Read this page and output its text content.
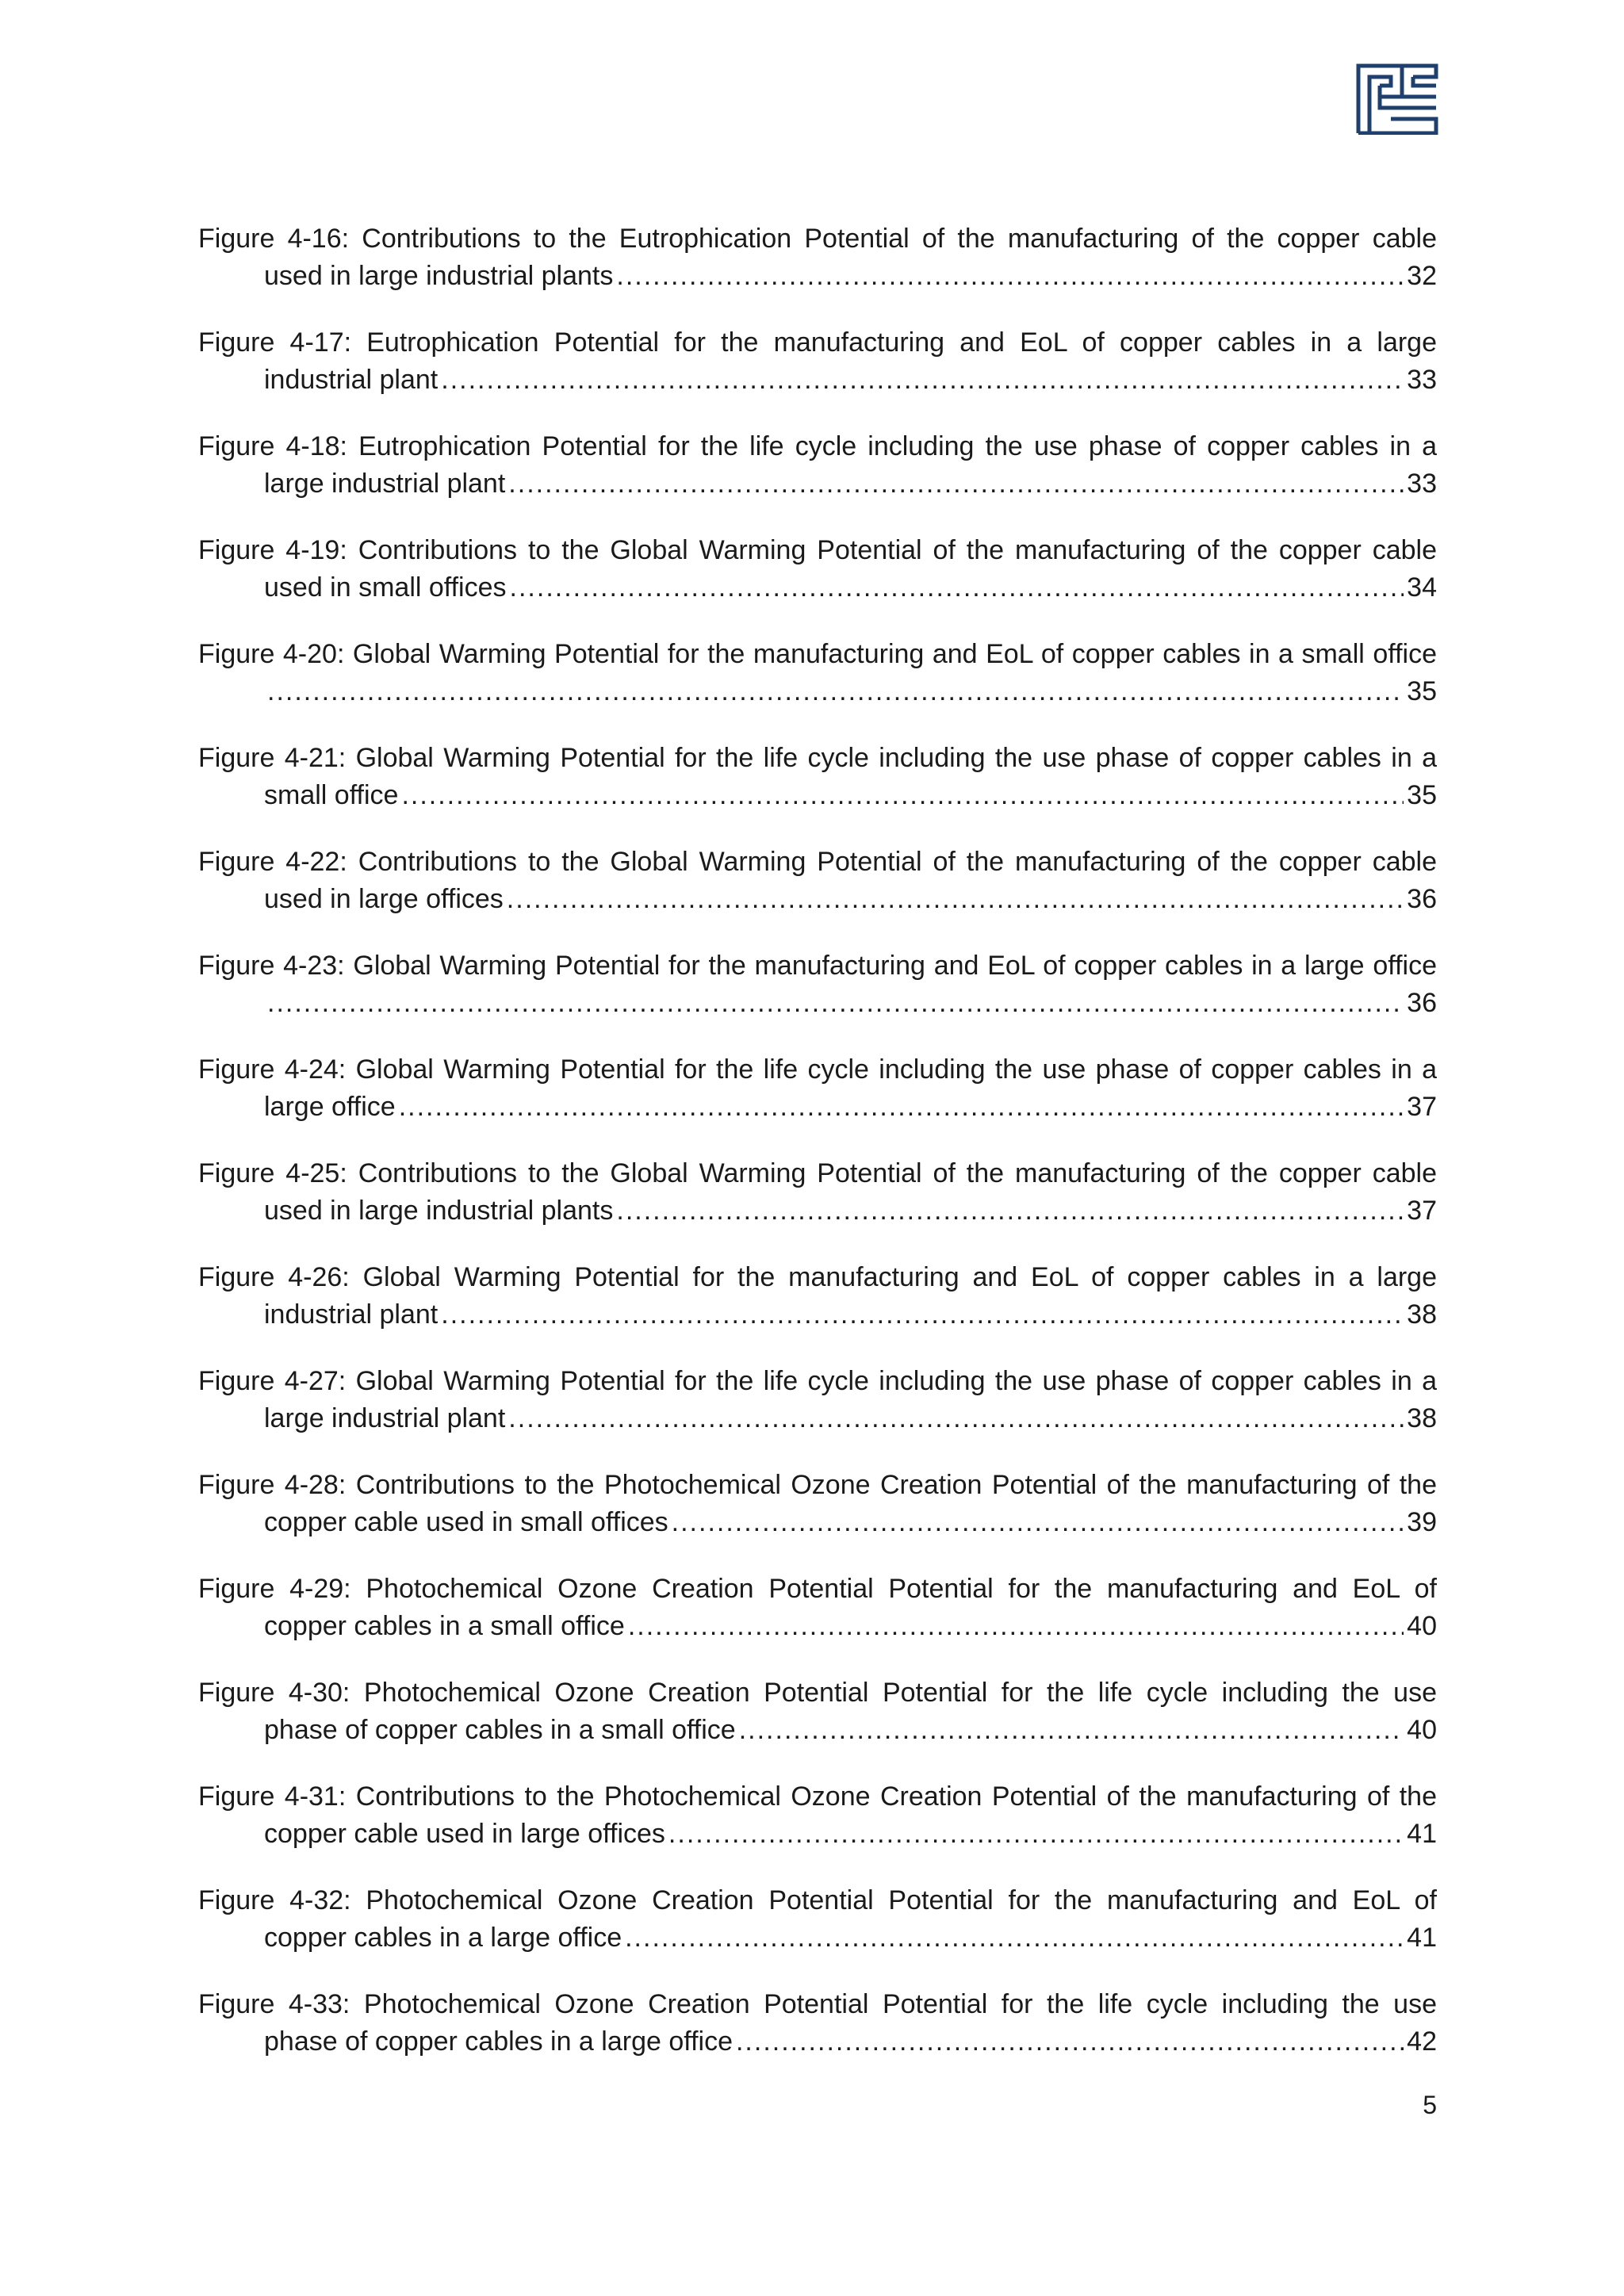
Figure 4-16: Contributions to the Eutrophication Potential of the manufacturing of the copper cable
used in large industrial plants .....	32
Figure 4-17: Eutrophication Potential for the manufacturing and EoL of copper cables in a large
industrial plant .....	33
Figure 4-18: Eutrophication Potential for the life cycle including the use phase of copper cables in a
large industrial plant .....	33
Figure 4-19: Contributions to the Global Warming Potential of the manufacturing of the copper cable
used in small offices .....	34
Figure 4-20: Global Warming Potential for the manufacturing and EoL of copper cables in a small office
.....
35
Figure 4-21: Global Warming Potential for the life cycle including the use phase of copper cables in a
small office .....	35
Figure 4-22: Contributions to the Global Warming Potential of the manufacturing of the copper cable
used in large offices .....	36
Figure 4-23: Global Warming Potential for the manufacturing and EoL of copper cables in a large office
.....
36
Figure 4-24: Global Warming Potential for the life cycle including the use phase of copper cables in a
large office .....	37
Figure 4-25: Contributions to the Global Warming Potential of the manufacturing of the copper cable
used in large industrial plants .....	37
Figure 4-26: Global Warming Potential for the manufacturing and EoL of copper cables in a large
industrial plant .....	38
Figure 4-27: Global Warming Potential for the life cycle including the use phase of copper cables in a
large industrial plant .....	38
Figure 4-28: Contributions to the Photochemical Ozone Creation Potential of the manufacturing of the
copper cable used in small offices .....	39
Figure 4-29: Photochemical Ozone Creation Potential Potential for the manufacturing and EoL of
copper cables in a small office .....	40
Figure 4-30: Photochemical Ozone Creation Potential Potential for the life cycle including the use
phase of copper cables in a small office .....	40
Figure 4-31: Contributions to the Photochemical Ozone Creation Potential of the manufacturing of the
copper cable used in large offices .....	41
Figure 4-32: Photochemical Ozone Creation Potential Potential for the manufacturing and EoL of
copper cables in a large office .....	41
Figure 4-33: Photochemical Ozone Creation Potential Potential for the life cycle including the use
phase of copper cables in a large office .....	42
5
